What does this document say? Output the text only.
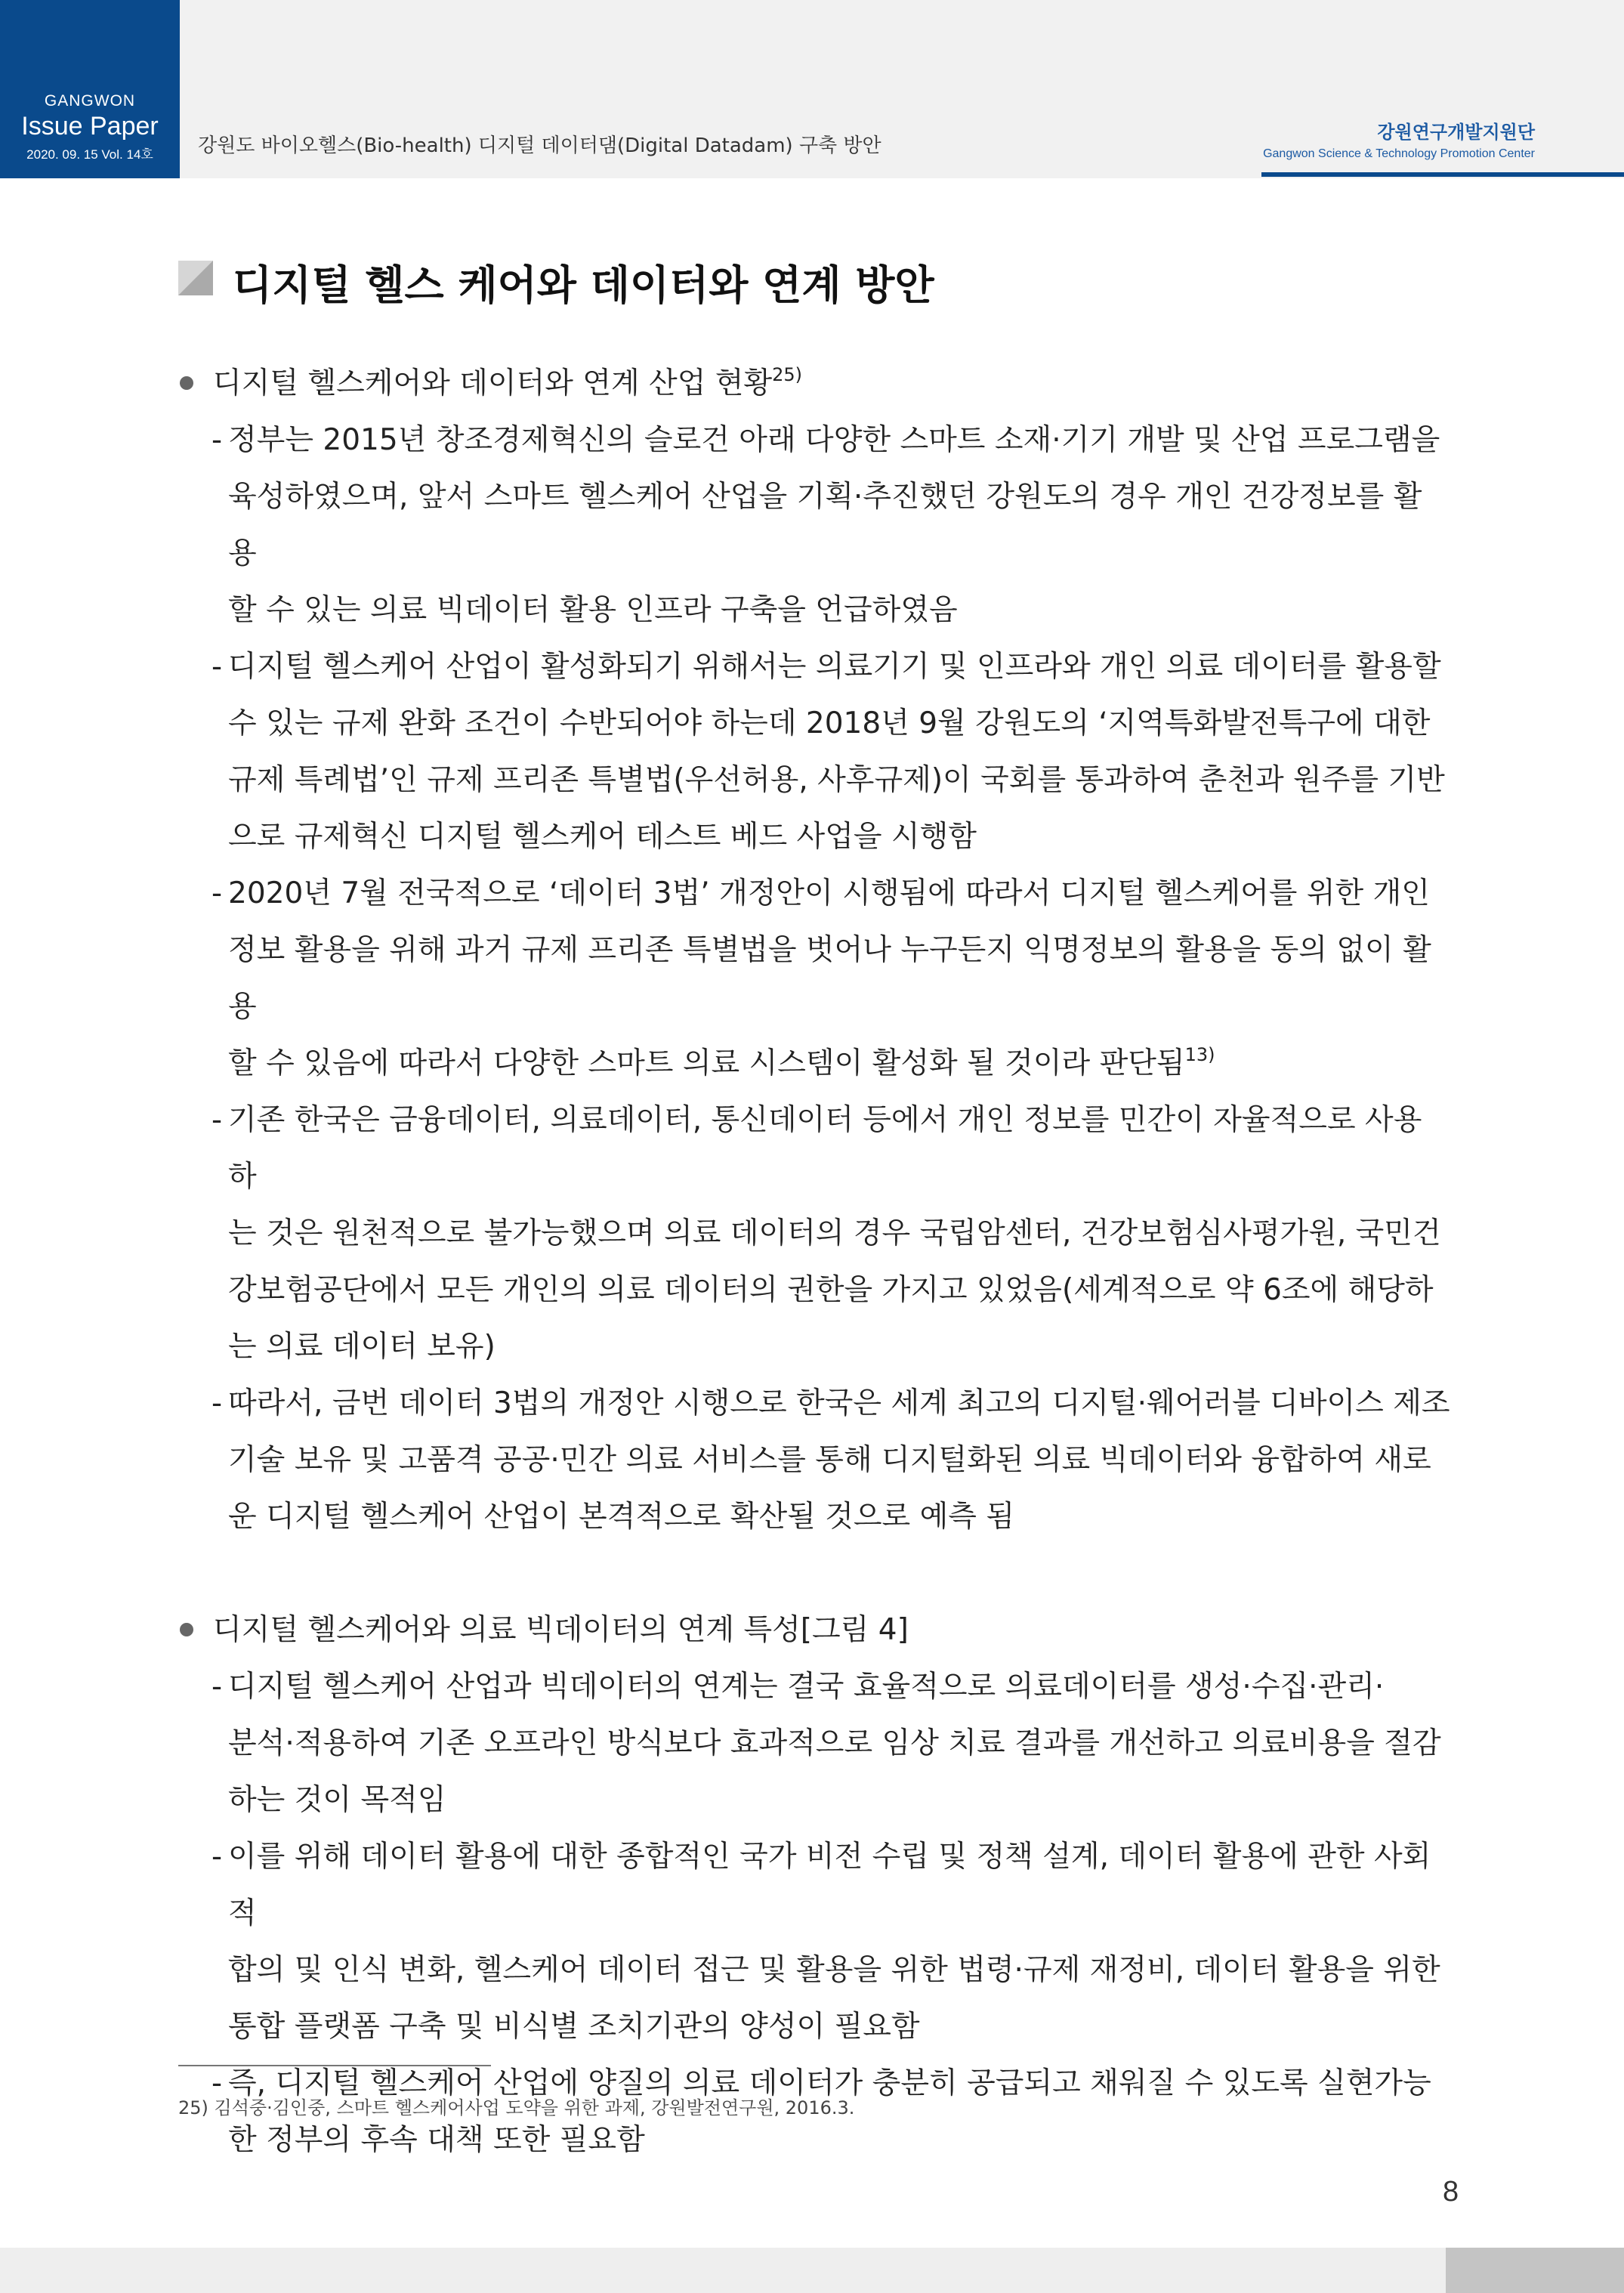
GANGWON
Issue Paper
2020. 09. 15 Vol. 14호	강원도 바이오헬스(Bio-health) 디지털 데이터댐(Digital Datadam) 구축 방안
강원연구개발지원단
Gangwon Science & Technology Promotion Center
디지털 헬스 케어와 데이터와 연계 방안
디지털 헬스케어와 데이터와 연계 산업 현황$^{25)}$
- 정부는 2015년 창조경제혁신의 슬로건 아래 다양한 스마트 소재·기기 개발 및 산업 프로그램을
육성하였으며, 앞서 스마트 헬스케어 산업을 기획·추진했던 강원도의 경우 개인 건강정보를 활용
할 수 있는 의료 빅데이터 활용 인프라 구축을 언급하였음
- 디지털 헬스케어 산업이 활성화되기 위해서는 의료기기 및 인프라와 개인 의료 데이터를 활용할
수 있는 규제 완화 조건이 수반되어야 하는데 2018년 9월 강원도의 ‘지역특화발전특구에 대한
규제 특례법’인 규제 프리존 특별법(우선허용, 사후규제)이 국회를 통과하여 춘천과 원주를 기반
으로 규제혁신 디지털 헬스케어 테스트 베드 사업을 시행함
- 2020년 7월 전국적으로 ‘데이터 3법’ 개정안이 시행됨에 따라서 디지털 헬스케어를 위한 개인
정보 활용을 위해 과거 규제 프리존 특별법을 벗어나 누구든지 익명정보의 활용을 동의 없이 활용
할 수 있음에 따라서 다양한 스마트 의료 시스템이 활성화 될 것이라 판단됨$^{13)}$
- 기존 한국은 금융데이터, 의료데이터, 통신데이터 등에서 개인 정보를 민간이 자율적으로 사용하
는 것은 원천적으로 불가능했으며 의료 데이터의 경우 국립암센터, 건강보험심사평가원, 국민건
강보험공단에서 모든 개인의 의료 데이터의 권한을 가지고 있었음(세계적으로 약 6조에 해당하
는 의료 데이터 보유)
- 따라서, 금번 데이터 3법의 개정안 시행으로 한국은 세계 최고의 디지털·웨어러블 디바이스 제조
기술 보유 및 고품격 공공·민간 의료 서비스를 통해 디지털화된 의료 빅데이터와 융합하여 새로
운 디지털 헬스케어 산업이 본격적으로 확산될 것으로 예측 됨
디지털 헬스케어와 의료 빅데이터의 연계 특성[그림 4]
- 디지털 헬스케어 산업과 빅데이터의 연계는 결국 효율적으로 의료데이터를 생성·수집·관리·
분석·적용하여 기존 오프라인 방식보다 효과적으로 임상 치료 결과를 개선하고 의료비용을 절감
하는 것이 목적임
- 이를 위해 데이터 활용에 대한 종합적인 국가 비전 수립 및 정책 설계, 데이터 활용에 관한 사회적
합의 및 인식 변화, 헬스케어 데이터 접근 및 활용을 위한 법령·규제 재정비, 데이터 활용을 위한
통합 플랫폼 구축 및 비식별 조치기관의 양성이 필요함
- 즉, 디지털 헬스케어 산업에 양질의 의료 데이터가 충분히 공급되고 채워질 수 있도록 실현가능
한 정부의 후속 대책 또한 필요함
25) 김석중·김인중, 스마트 헬스케어사업 도약을 위한 과제, 강원발전연구원, 2016.3.
8
